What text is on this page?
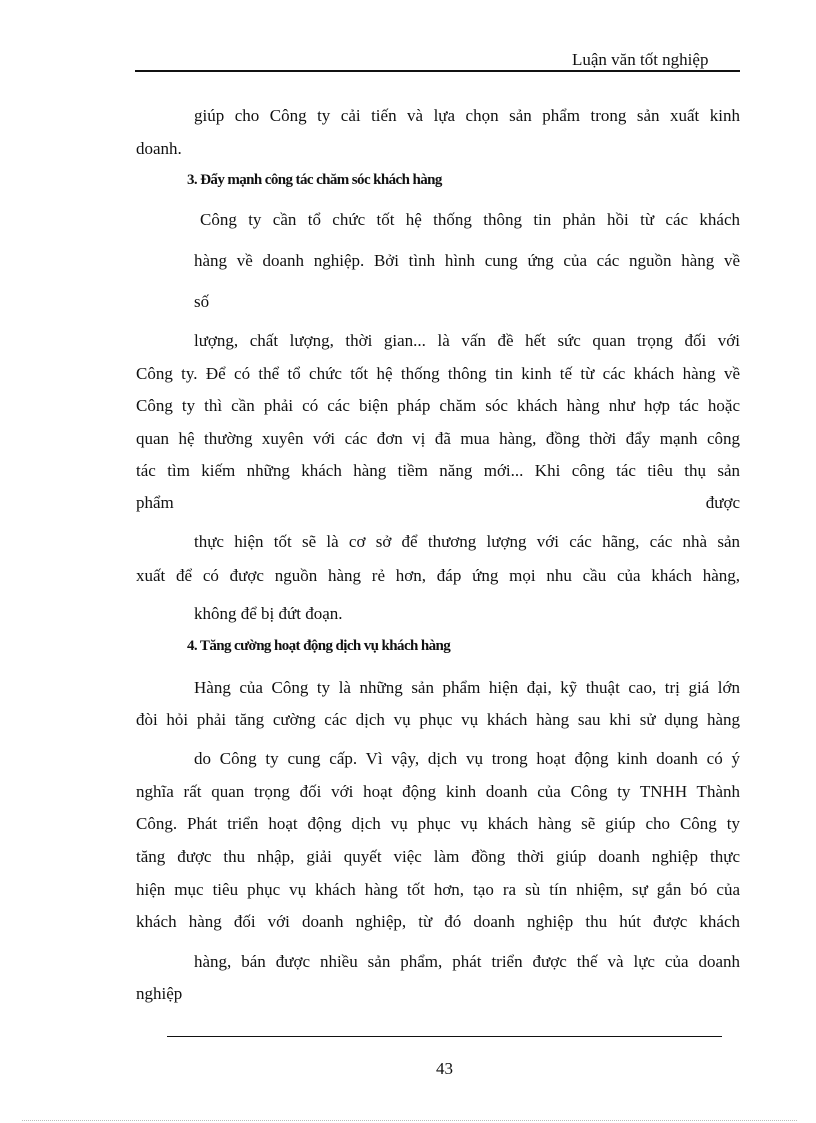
Luận văn tốt nghiệp
giúp cho Công ty cải tiến và lựa chọn sản phẩm trong sản xuất kinh
doanh.
3. Đẩy mạnh công tác chăm sóc khách hàng
Công ty cần tổ chức tốt hệ thống thông tin phản hồi từ các khách
hàng về doanh nghiệp. Bởi tình hình cung ứng của các nguồn hàng về
số
lượng, chất lượng, thời gian... là vấn đề hết sức quan trọng đối với
Công ty. Để có thể tổ chức tốt hệ thống thông tin kinh tế từ các khách hàng về
Công ty thì cần phải có các biện pháp chăm sóc khách hàng như hợp tác hoặc
quan hệ thường xuyên với các đơn vị đã mua hàng, đồng thời đẩy mạnh công
tác tìm kiếm những khách hàng tiềm năng mới... Khi công tác tiêu thụ sản
phẩm được
thực hiện tốt sẽ là cơ sở để thương lượng với các hãng, các nhà sản
xuất để có được nguồn hàng rẻ hơn, đáp ứng mọi nhu cầu của khách hàng,
không để bị đứt đoạn.
4. Tăng cường hoạt động dịch vụ khách hàng
Hàng của Công ty là những sản phẩm hiện đại, kỹ thuật cao, trị giá lớn
đòi hỏi phải tăng cường các dịch vụ phục vụ khách hàng sau khi sử dụng hàng
do Công ty cung cấp. Vì vậy, dịch vụ trong hoạt động kinh doanh có ý
nghĩa rất quan trọng đối với hoạt động kinh doanh của Công ty TNHH Thành
Công. Phát triển hoạt động dịch vụ phục vụ khách hàng sẽ giúp cho Công ty
tăng được thu nhập, giải quyết việc làm đồng thời giúp doanh nghiệp thực
hiện mục tiêu phục vụ khách hàng tốt hơn, tạo ra sù tín nhiệm, sự gắn bó của
khách hàng đối với doanh nghiệp, từ đó doanh nghiệp thu hút được khách
hàng, bán được nhiều sản phẩm, phát triển được thế và lực của doanh
nghiệp
43
